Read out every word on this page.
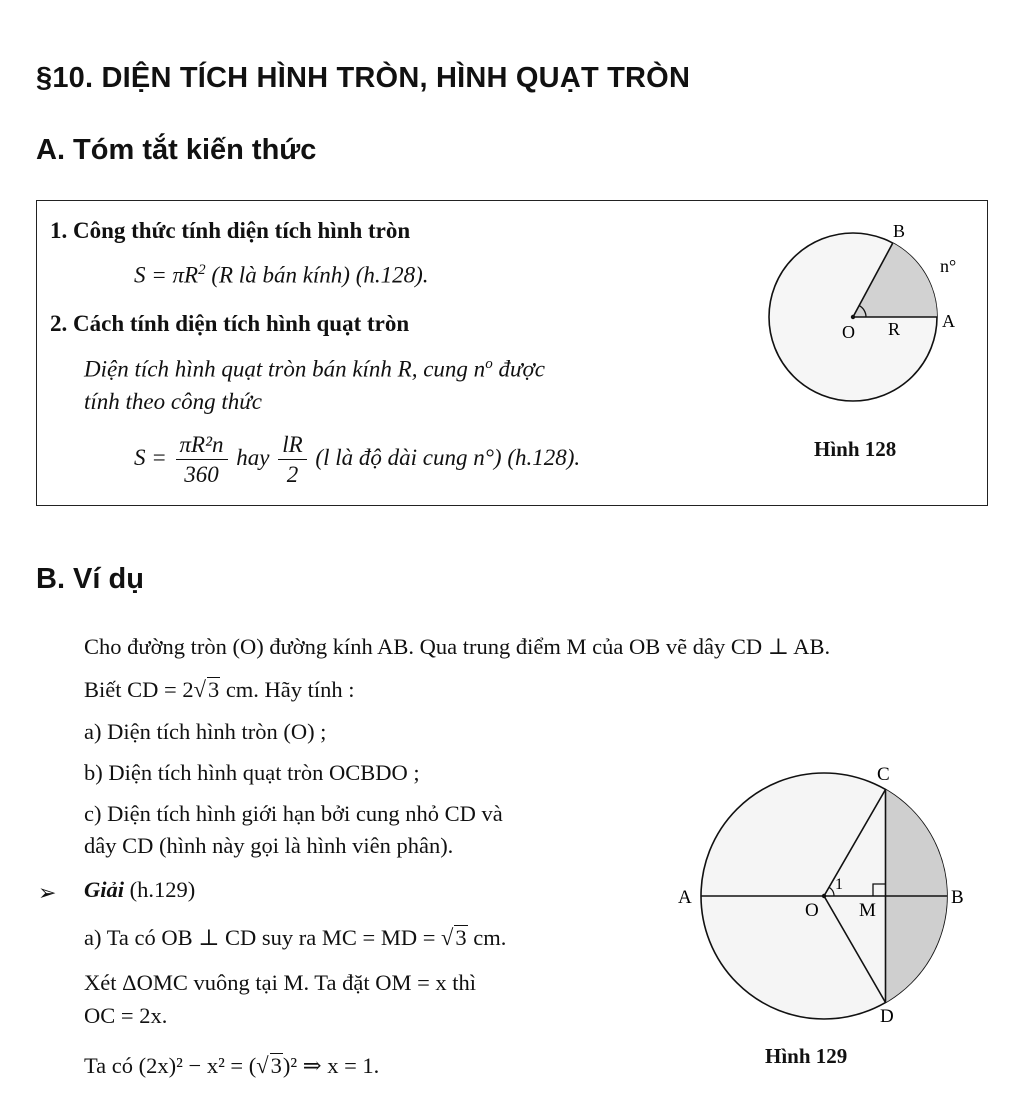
§10. DIỆN TÍCH HÌNH TRÒN, HÌNH QUẠT TRÒN
A. Tóm tắt kiến thức
1. Công thức tính diện tích hình tròn
$S = \pi R^2$ (R là bán kính) (h.128).
2. Cách tính diện tích hình quạt tròn
Diện tích hình quạt tròn bán kính R, cung $n^o$ được
tính theo công thức
$S = \frac{\text{πR²n}}{360}$ hay $\frac{lR}{2} (l$ là độ dài cung n°) (h.128).
B
n°
A
O R
Hình 128
B. Ví dụ
Cho đường tròn (O) đường kính AB. Qua trung điểm M của OB vẽ dây CD ⊥ AB.
Biết CD = 2√3 cm. Hãy tính :
a) Diện tích hình tròn (O) ;
b) Diện tích hình quạt tròn OCBDO ;
c) Diện tích hình giới hạn bởi cung nhỏ CD và
dây CD (hình này gọi là hình viên phân).
➢ Giải (h.129)
a) Ta có OB ⊥ CD suy ra MC = MD = √3 cm.
Xét ΔOMC vuông tại M. Ta đặt OM = x thì
OC = 2x.
Ta có (2x)² − x² = (√3)² ⇒ x = 1.
C
D
A	B
O M
1
Hình 129
